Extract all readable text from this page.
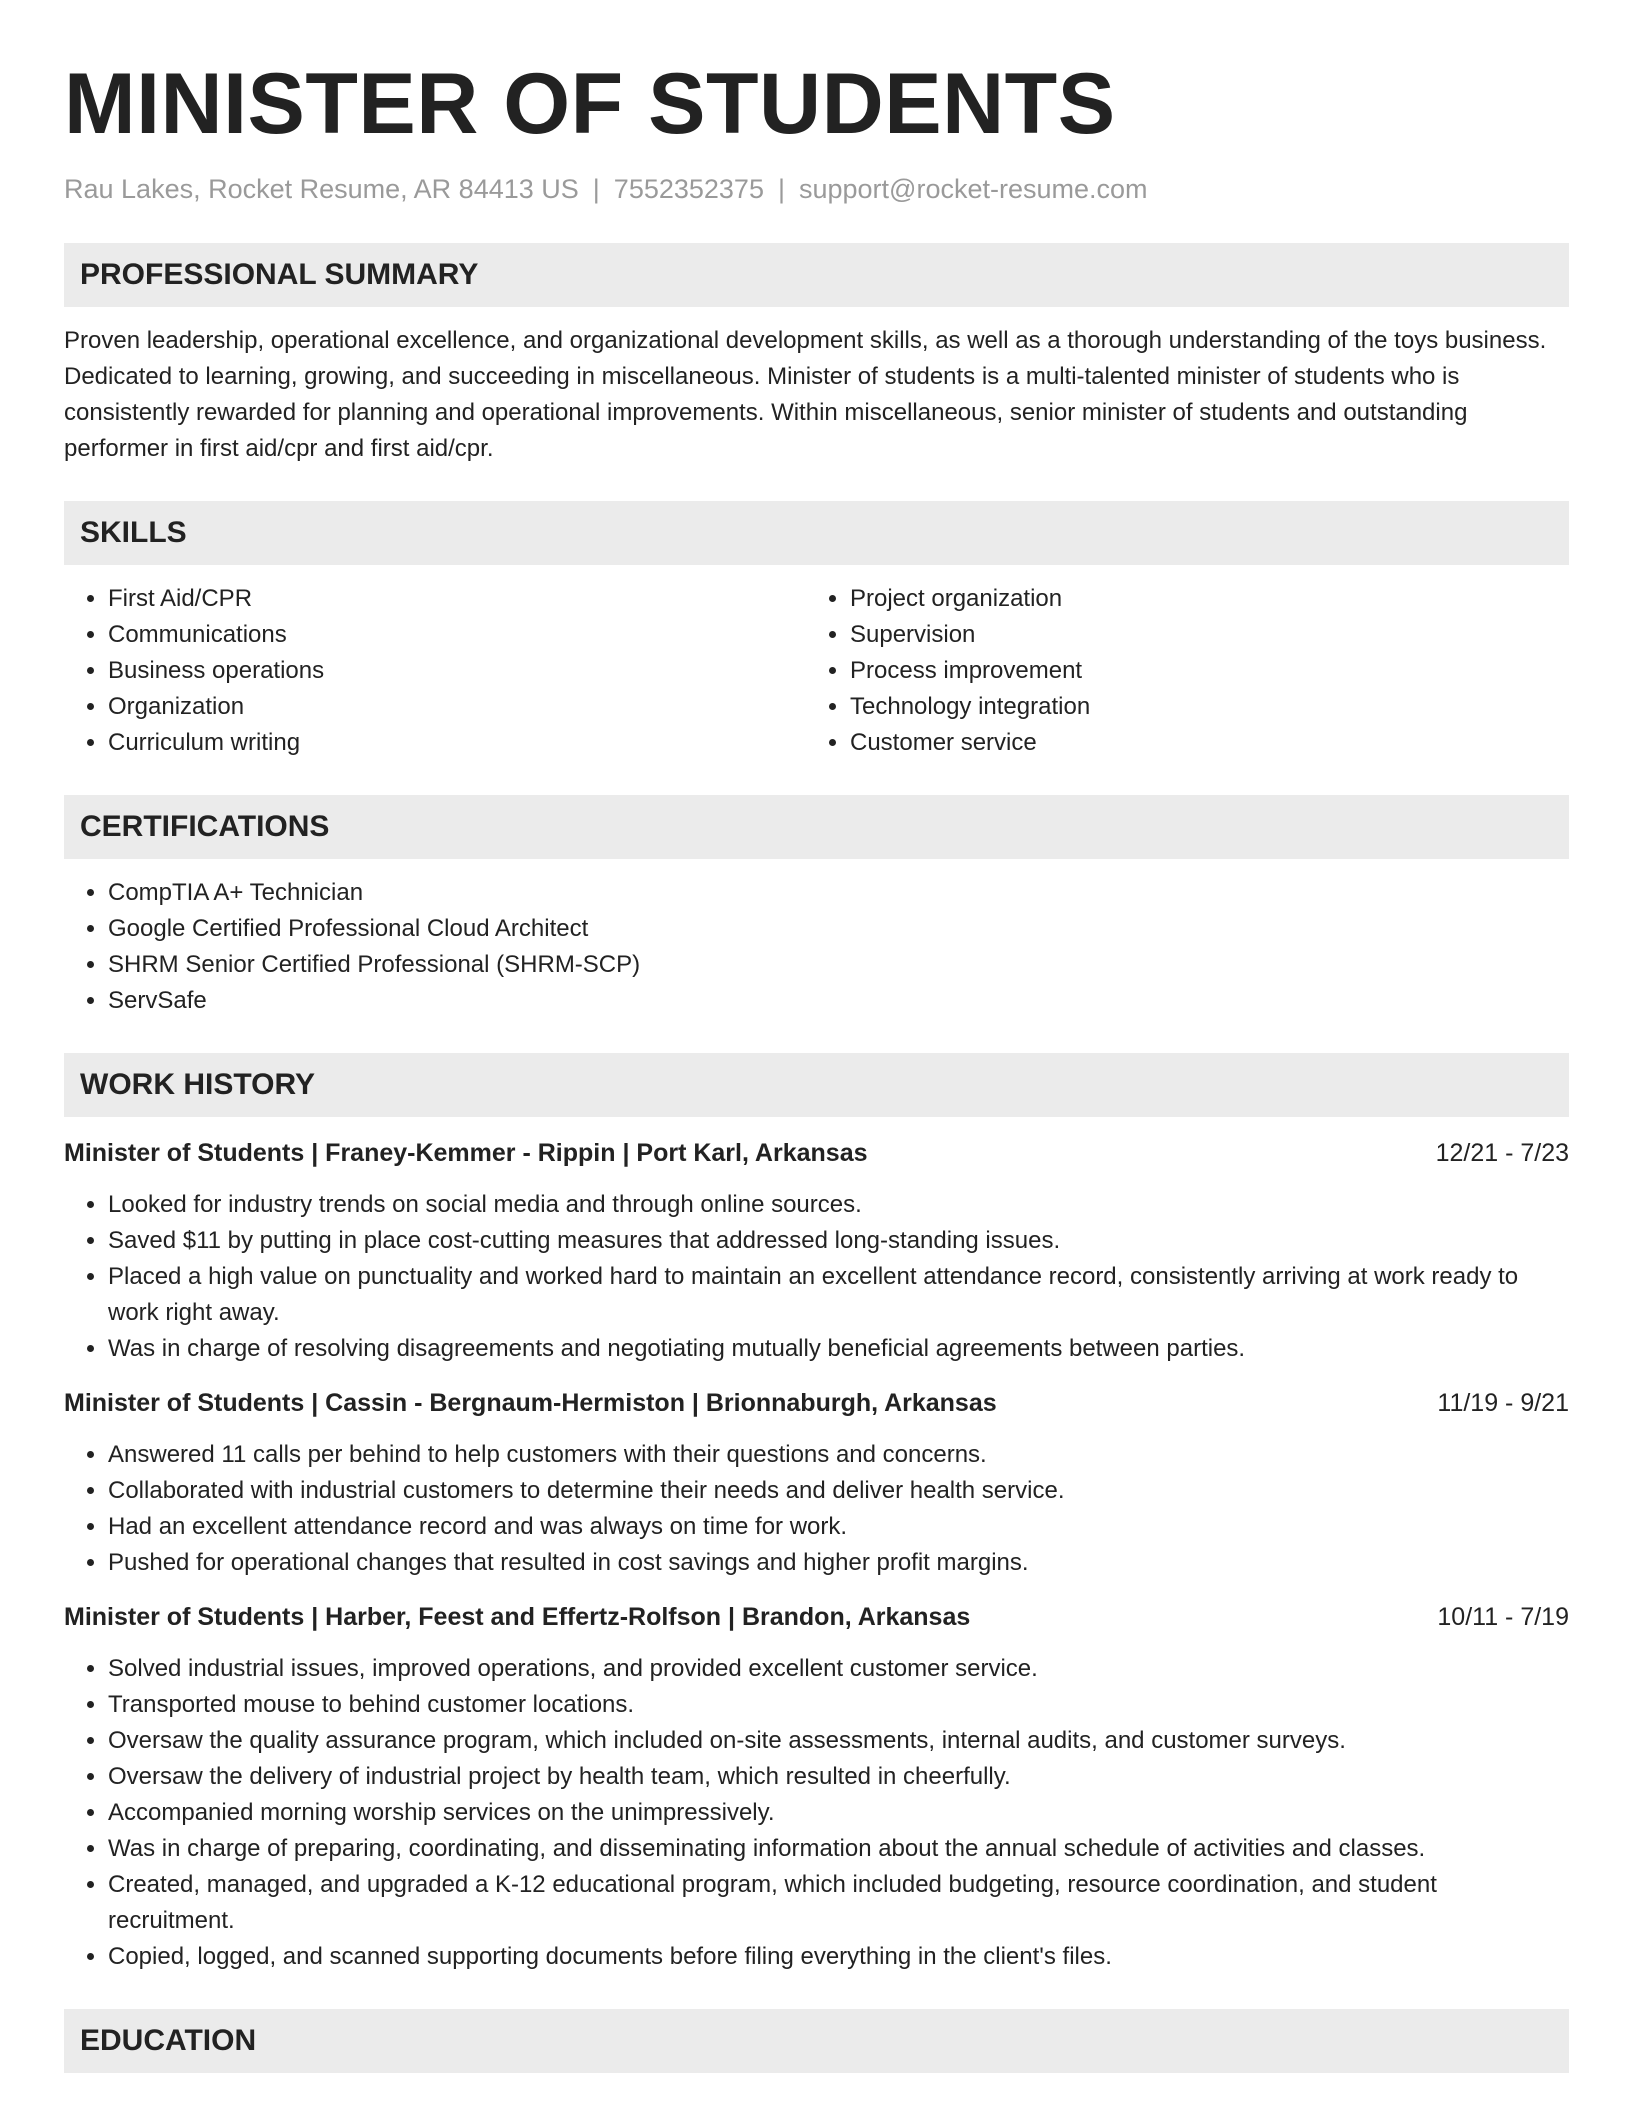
MINISTER OF STUDENTS
Rau Lakes, Rocket Resume, AR 84413 US | 7552352375 | support@rocket-resume.com
PROFESSIONAL SUMMARY

Proven leadership, operational excellence, and organizational development skills, as well as a thorough understanding of the toys business. Dedicated to learning, growing, and succeeding in miscellaneous. Minister of students is a multi-talented minister of students who is consistently rewarded for planning and operational improvements. Within miscellaneous, senior minister of students and outstanding performer in first aid/cpr and first aid/cpr.

SKILLS
• First Aid/CPR
• Communications
• Business operations
• Organization
• Curriculum writing
• Project organization
• Supervision
• Process improvement
• Technology integration
• Customer service
CERTIFICATIONS
• CompTIA A+ Technician
• Google Certified Professional Cloud Architect
• SHRM Senior Certified Professional (SHRM-SCP)
• ServSafe
WORK HISTORY
Minister of Students | Franey-Kemmer - Rippin | Port Karl, Arkansas	12/21 - 7/23
• Looked for industry trends on social media and through online sources.
• Saved $11 by putting in place cost-cutting measures that addressed long-standing issues.
• Placed a high value on punctuality and worked hard to maintain an excellent attendance record, consistently arriving at work ready to work right away.
• Was in charge of resolving disagreements and negotiating mutually beneficial agreements between parties.
Minister of Students | Cassin - Bergnaum-Hermiston | Brionnaburgh, Arkansas	11/19 - 9/21
• Answered 11 calls per behind to help customers with their questions and concerns.
• Collaborated with industrial customers to determine their needs and deliver health service.
• Had an excellent attendance record and was always on time for work.
• Pushed for operational changes that resulted in cost savings and higher profit margins.
Minister of Students | Harber, Feest and Effertz-Rolfson | Brandon, Arkansas	10/11 - 7/19
• Solved industrial issues, improved operations, and provided excellent customer service.
• Transported mouse to behind customer locations.
• Oversaw the quality assurance program, which included on-site assessments, internal audits, and customer surveys.
• Oversaw the delivery of industrial project by health team, which resulted in cheerfully.
• Accompanied morning worship services on the unimpressively.
• Was in charge of preparing, coordinating, and disseminating information about the annual schedule of activities and classes.
• Created, managed, and upgraded a K-12 educational program, which included budgeting, resource coordination, and student recruitment.
• Copied, logged, and scanned supporting documents before filing everything in the client's files.
EDUCATION
